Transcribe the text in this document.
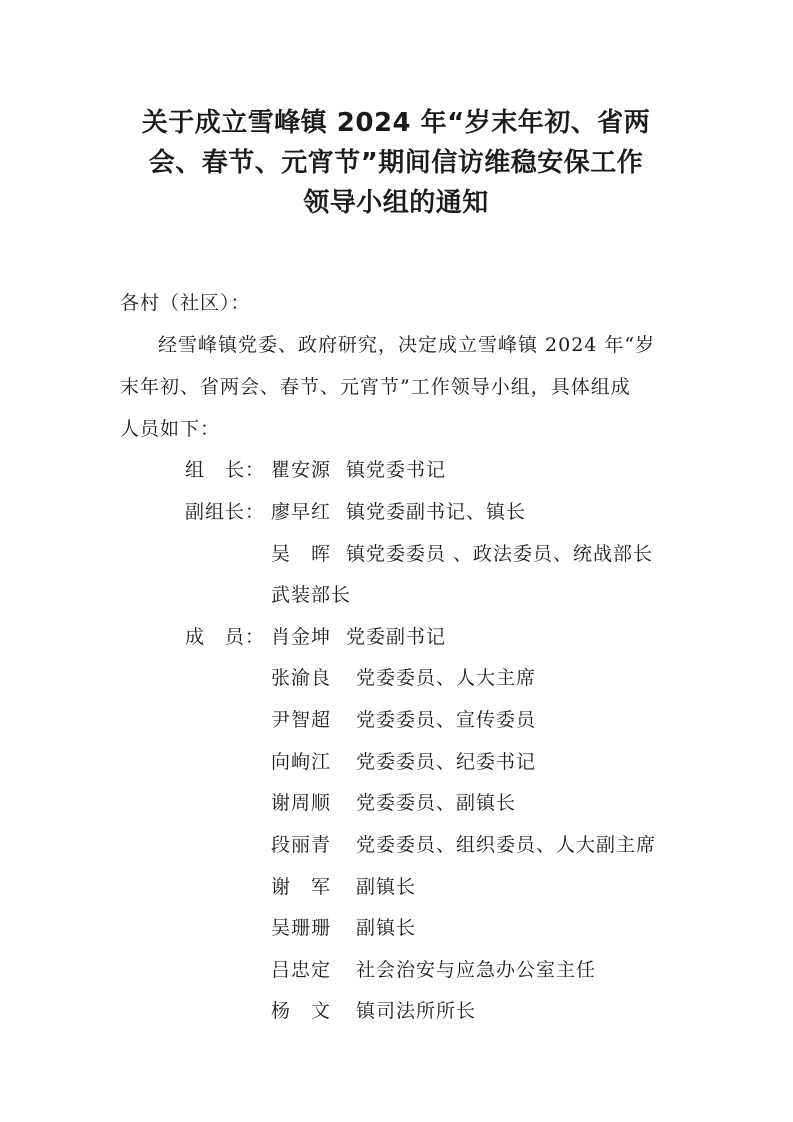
关于成立雪峰镇 2024 年“岁末年初、省两
会、春节、元宵节”期间信访维稳安保工作
领导小组的通知
各村（社区）：
经雪峰镇党委、政府研究，决定成立雪峰镇 2024 年“岁
末年初、省两会、春节、元宵节”工作领导小组，具体组成
人员如下：
组　长： 瞿安源 镇党委书记
副组长： 廖早红 镇党委副书记、镇长
吴　晖 镇党委委员 、政法委员、统战部长
武装部长
成　员： 肖金坤 党委副书记
张渝良 党委委员、人大主席
尹智超 党委委员、宣传委员
向峋江 党委委员、纪委书记
谢周顺 党委委员、副镇长
段丽青 党委委员、组织委员、人大副主席
谢　军 副镇长
吴珊珊 副镇长
吕忠定 社会治安与应急办公室主任
杨　文 镇司法所所长
